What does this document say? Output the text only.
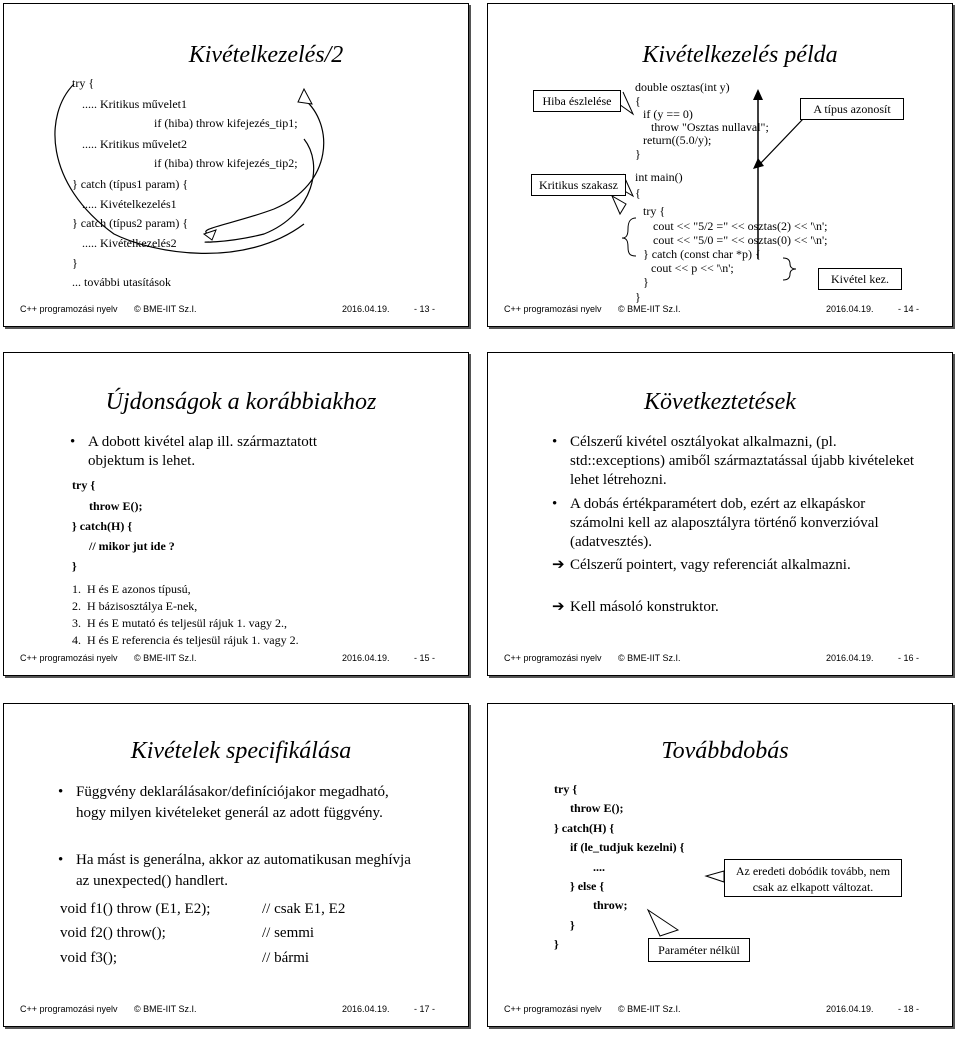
Kivételkezelés/2
try {
..... Kritikus művelet1
if (hiba) throw kifejezés_tip1;
..... Kritikus művelet2
if (hiba) throw kifejezés_tip2;
} catch (típus1 param) {
..... Kivételkezelés1
} catch (típus2 param) {
..... Kivételkezelés2
}
... további utasítások
C++ programozási nyelv © BME-IIT Sz.I.	2016.04.19.	- 13 -
Kivételkezelés példa
Hiba észlelése
Kritikus szakasz
A típus azonosít
Kivétel kez.
double osztas(int y)
{
if (y == 0)
throw "Osztas nullaval";
return((5.0/y);
}
int main()
{
try {
cout << "5/2 =" << osztas(2) << '\n';
cout << "5/0 =" << osztas(0) << '\n';
} catch (const char *p) {
cout << p << '\n';
}
}
C++ programozási nyelv © BME-IIT Sz.I.	2016.04.19.	- 14 -
Újdonságok a korábbiakhoz
• A dobott kivétel alap ill. származtatott objektum is lehet.
try {
throw E();
} catch(H) {
// mikor jut ide ?
}
1.  H és E azonos típusú,
2.  H bázisosztálya E-nek,
3.  H és E mutató és teljesül rájuk 1. vagy 2.,
4.  H és E referencia és teljesül rájuk 1. vagy 2.
C++ programozási nyelv © BME-IIT Sz.I.	2016.04.19.	- 15 -
Következtetések
• Célszerű kivétel osztályokat alkalmazni, (pl. std::exceptions) amiből származtatással újabb kivételeket lehet létrehozni.
• A dobás értékparamétert dob, ezért az elkapáskor számolni kell az alaposztályra történő konverzióval (adatvesztés).
➔ Célszerű pointert, vagy referenciát alkalmazni.
➔ Kell másoló konstruktor.
C++ programozási nyelv © BME-IIT Sz.I.	2016.04.19.	- 16 -
Kivételek specifikálása
• Függvény deklarálásakor/definíciójakor megadható, hogy milyen kivételeket generál az adott függvény.
• Ha mást is generálna, akkor az automatikusan meghívja az unexpected() handlert.
void f1() throw (E1, E2);	// csak E1, E2
void f2() throw();	// semmi
void f3();	// bármi
C++ programozási nyelv © BME-IIT Sz.I.	2016.04.19.	- 17 -
Továbbdobás
try {
throw E();
} catch(H) {
if (le_tudjuk kezelni) {
....
} else {
throw;
}
}
Az eredeti dobódik tovább, nem csak az elkapott változat.
Paraméter nélkül
C++ programozási nyelv © BME-IIT Sz.I.	2016.04.19.	- 18 -
